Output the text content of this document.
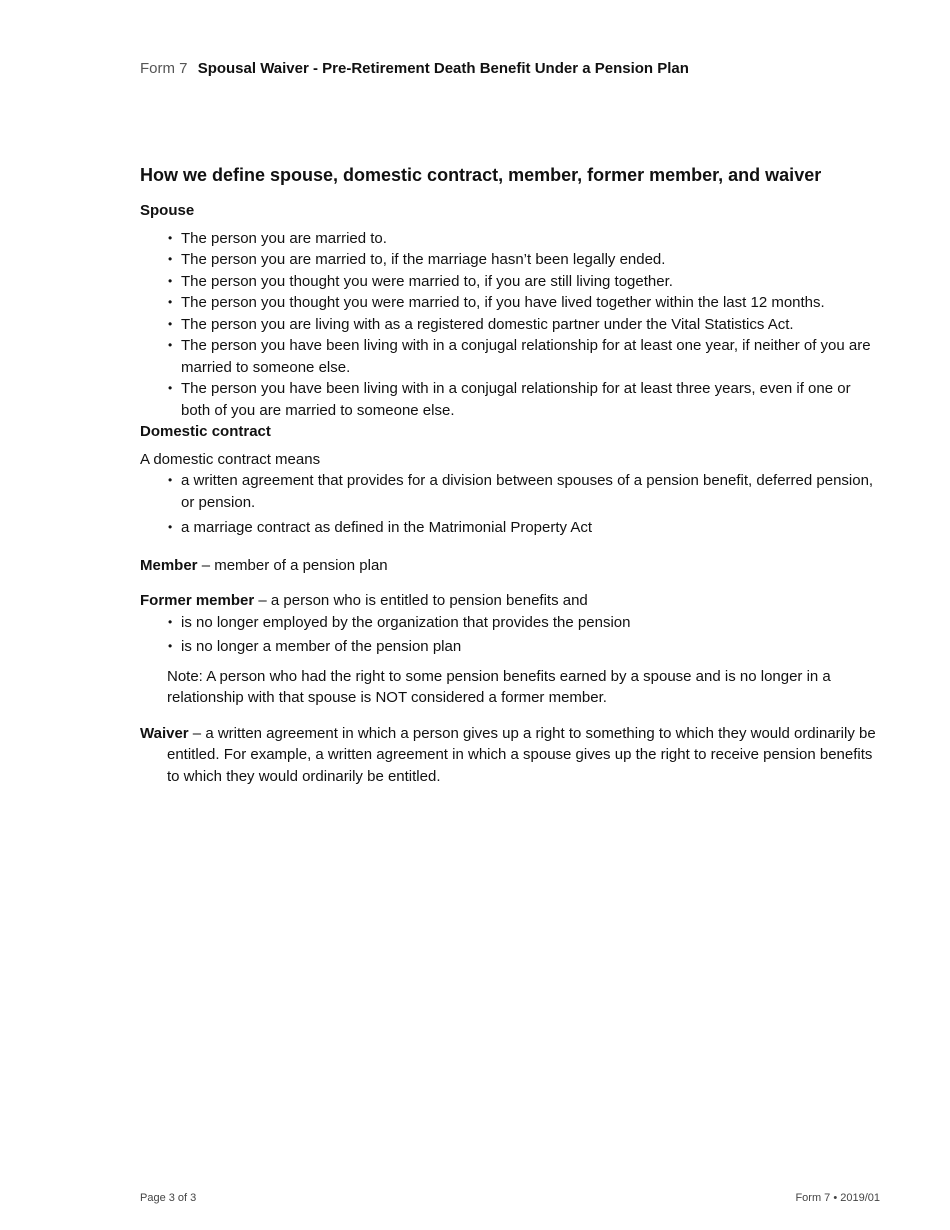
Form 7 Spousal Waiver - Pre-Retirement Death Benefit Under a Pension Plan
How we define spouse, domestic contract, member, former member, and waiver
Spouse
• The person you are married to.
• The person you are married to, if the marriage hasn’t been legally ended.
• The person you thought you were married to, if you are still living together.
• The person you thought you were married to, if you have lived together within the last 12 months.
• The person you are living with as a registered domestic partner under the Vital Statistics Act.
• The person you have been living with in a conjugal relationship for at least one year, if neither of you are married to someone else.
• The person you have been living with in a conjugal relationship for at least three years, even if one or both of you are married to someone else.
Domestic contract

A domestic contract means

• a written agreement that provides for a division between spouses of a pension benefit, deferred pension, or pension.
• a marriage contract as defined in the Matrimonial Property Act
Member – member of a pension plan
Former member – a person who is entitled to pension benefits and
• is no longer employed by the organization that provides the pension
• is no longer a member of the pension plan

Note: A person who had the right to some pension benefits earned by a spouse and is no longer in a relationship with that spouse is NOT considered a former member.

Waiver – a written agreement in which a person gives up a right to something to which they would ordinarily be entitled. For example, a written agreement in which a spouse gives up the right to receive pension benefits to which they would ordinarily be entitled.
Page 3 of 3	Form 7 • 2019/01
